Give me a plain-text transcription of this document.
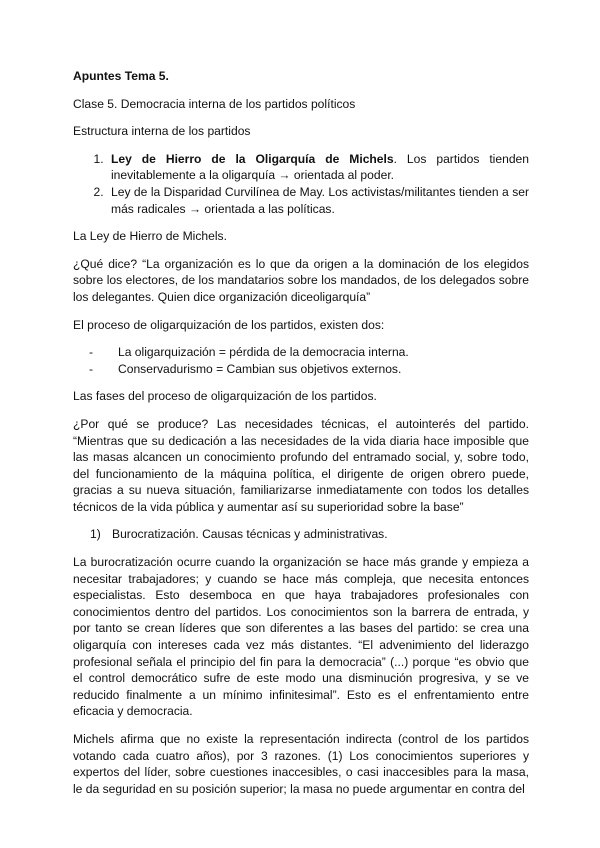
Apuntes Tema 5.

Clase 5. Democracia interna de los partidos políticos

Estructura interna de los partidos

1. Ley de Hierro de la Oligarquía de Michels. Los partidos tienden inevitablemente a la oligarquía → orientada al poder.
2. Ley de la Disparidad Curvilínea de May. Los activistas/militantes tienden a ser más radicales → orientada a las políticas.

La Ley de Hierro de Michels.

¿Qué dice? “La organización es lo que da origen a la dominación de los elegidos sobre los electores, de los mandatarios sobre los mandados, de los delegados sobre los delegantes. Quien dice organización diceoligarquía”

El proceso de oligarquización de los partidos, existen dos:

- La oligarquización = pérdida de la democracia interna.
- Conservadurismo = Cambian sus objetivos externos.

Las fases del proceso de oligarquización de los partidos.

¿Por qué se produce? Las necesidades técnicas, el autointerés del partido. “Mientras que su dedicación a las necesidades de la vida diaria hace imposible que las masas alcancen un conocimiento profundo del entramado social, y, sobre todo, del funcionamiento de la máquina política, el dirigente de origen obrero puede, gracias a su nueva situación, familiarizarse inmediatamente con todos los detalles técnicos de la vida pública y aumentar así su superioridad sobre la base”

1) Burocratización. Causas técnicas y administrativas.

La burocratización ocurre cuando la organización se hace más grande y empieza a necesitar trabajadores; y cuando se hace más compleja, que necesita entonces especialistas. Esto desemboca en que haya trabajadores profesionales con conocimientos dentro del partidos. Los conocimientos son la barrera de entrada, y por tanto se crean líderes que son diferentes a las bases del partido: se crea una oligarquía con intereses cada vez más distantes. “El advenimiento del liderazgo profesional señala el principio del fin para la democracia” (...) porque “es obvio que el control democrático sufre de este modo una disminución progresiva, y se ve reducido finalmente a un mínimo infinitesimal”. Esto es el enfrentamiento entre eficacia y democracia.

Michels afirma que no existe la representación indirecta (control de los partidos votando cada cuatro años), por 3 razones. (1) Los conocimientos superiores y expertos del líder, sobre cuestiones inaccesibles, o casi inaccesibles para la masa, le da seguridad en su posición superior; la masa no puede argumentar en contra del
